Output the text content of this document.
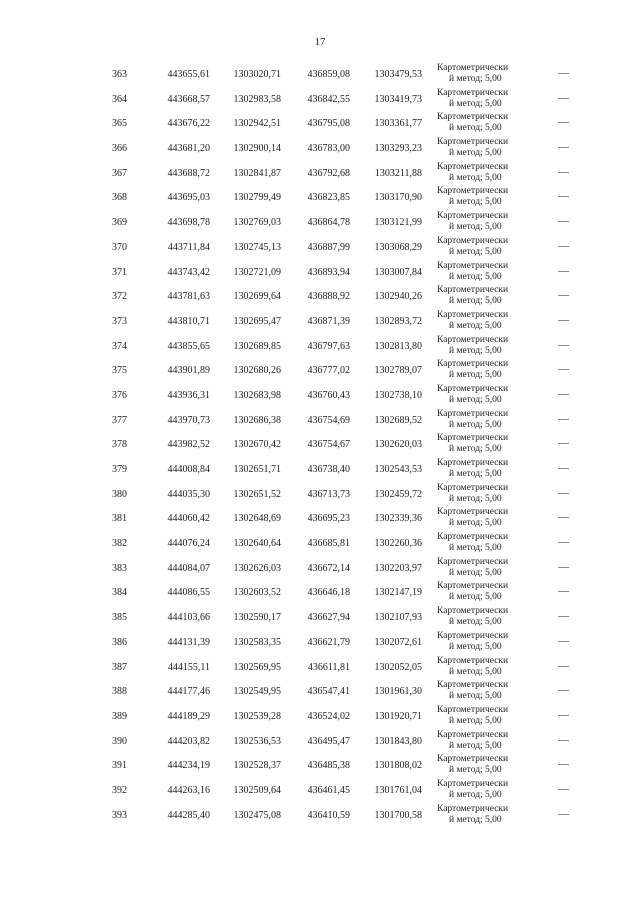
17
363	443655,61	1303020,71	436859,08	1303479,53
Картометрически
й метод; 5,00	—
364	443668,57	1302983,58	436842,55	1303419,73
Картометрически
й метод; 5,00	—
365	443676,22	1302942,51	436795,08	1303361,77
Картометрически
й метод; 5,00	—
366	443681,20	1302900,14	436783,00	1303293,23
Картометрически
й метод; 5,00	—
367	443688,72	1302841,87	436792,68	1303211,88
Картометрически
й метод; 5,00	—
368	443695,03	1302799,49	436823,85	1303170,90
Картометрически
й метод; 5,00	—
369	443698,78	1302769,03	436864,78	1303121,99
Картометрически
й метод; 5,00	—
370	443711,84	1302745,13	436887,99	1303068,29
Картометрически
й метод; 5,00	—
371	443743,42	1302721,09	436893,94	1303007,84
Картометрически
й метод; 5,00	—
372	443781,63	1302699,64	436888,92	1302940,26
Картометрически
й метод; 5,00	—
373	443810,71	1302695,47	436871,39	1302893,72
Картометрически
й метод; 5,00	—
374	443855,65	1302689,85	436797,63	1302813,80
Картометрически
й метод; 5,00	—
375	443901,89	1302680,26	436777,02	1302789,07
Картометрически
й метод; 5,00	—
376	443936,31	1302683,98	436760,43	1302738,10
Картометрически
й метод; 5,00	—
377	443970,73	1302686,38	436754,69	1302689,52
Картометрически
й метод; 5,00	—
378	443982,52	1302670,42	436754,67	1302620,03
Картометрически
й метод; 5,00	—
379	444008,84	1302651,71	436738,40	1302543,53
Картометрически
й метод; 5,00	—
380	444035,30	1302651,52	436713,73	1302459,72
Картометрически
й метод; 5,00	—
381	444060,42	1302648,69	436695,23	1302339,36
Картометрически
й метод; 5,00	—
382	444076,24	1302640,64	436685,81	1302260,36
Картометрически
й метод; 5,00	—
383	444084,07	1302626,03	436672,14	1302203,97
Картометрически
й метод; 5,00	—
384	444086,55	1302603,52	436646,18	1302147,19
Картометрически
й метод; 5,00	—
385	444103,66	1302590,17	436627,94	1302107,93
Картометрически
й метод; 5,00	—
386	444131,39	1302583,35	436621,79	1302072,61
Картометрически
й метод; 5,00	—
387	444155,11	1302569,95	436611,81	1302052,05
Картометрически
й метод; 5,00	—
388	444177,46	1302549,95	436547,41	1301961,30
Картометрически
й метод; 5,00	—
389	444189,29	1302539,28	436524,02	1301920,71
Картометрически
й метод; 5,00	—
390	444203,82	1302536,53	436495,47	1301843,80
Картометрически
й метод; 5,00	—
391	444234,19	1302528,37	436485,38	1301808,02
Картометрически
й метод; 5,00	—
392	444263,16	1302509,64	436461,45	1301761,04
Картометрически
й метод; 5,00	—
393	444285,40	1302475,08	436410,59	1301700,58
Картометрически
й метод; 5,00	—
